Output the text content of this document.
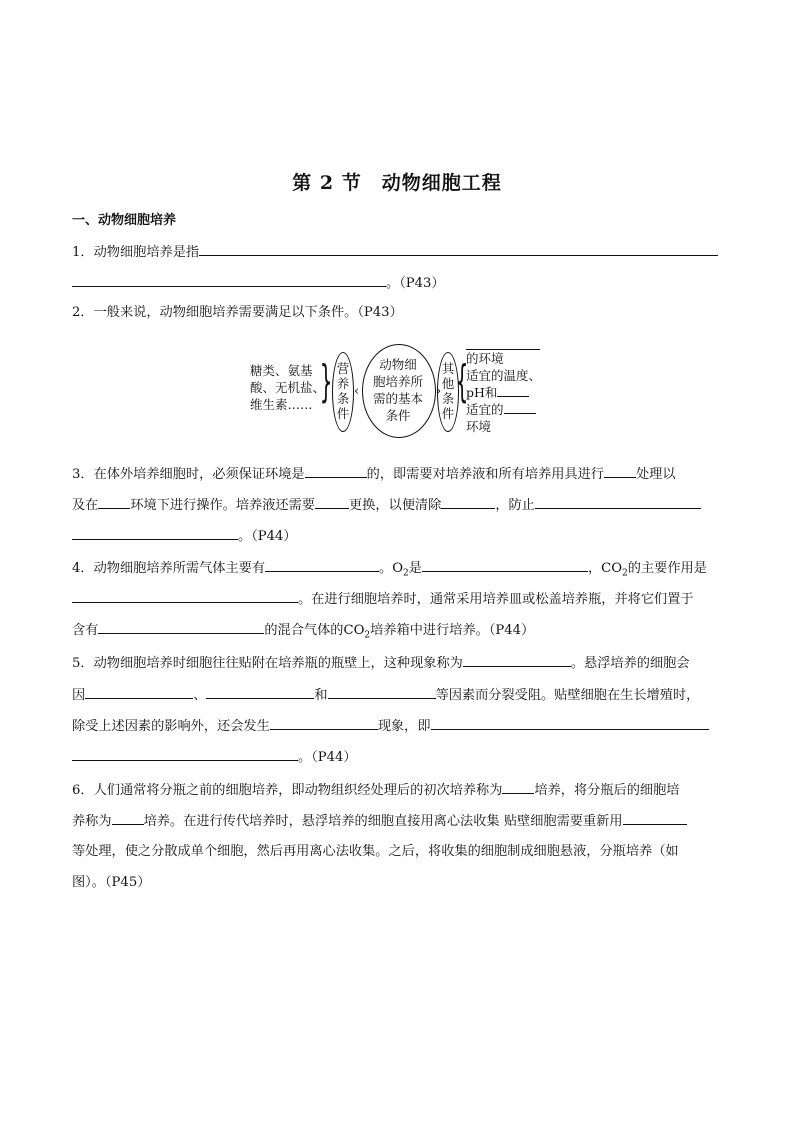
第 2 节　动物细胞工程
一、动物细胞培养
1．动物细胞培养是指
。（P43）
2．一般来说，动物细胞培养需要满足以下条件。（P43）
糖类、氨基
酸、无机盐、
维生素…… } 营
养
条
件
‹
动物细
胞培养所
需的基本
条件
›
其
他
条
件
{
的环境
适宜的温度、
pH和
适宜的
环境
3．在体外培养细胞时，必须保证环境是	的，即需要对培养液和所有培养用具进行 处理以
及在 环境下进行操作。培养液还需要	更换，以便清除	，防止
。（P44）
4．动物细胞培养所需气体主要有	。$O_2$是	，$CO_2$的主要作用是
。在进行细胞培养时，通常采用培养皿或松盖培养瓶，并将它们置于
含有	的混合气体的$CO_2$培养箱中进行培养。（P44）
5．动物细胞培养时细胞往往贴附在培养瓶的瓶壁上，这种现象称为	。悬浮培养的细胞会
因	、	和	等因素而分裂受阻。贴壁细胞在生长增殖时，
除受上述因素的影响外，还会发生	现象，即
。（P44）
6．人们通常将分瓶之前的细胞培养，即动物组织经处理后的初次培养称为 培养，将分瓶后的细胞培
养称为 培养。在进行传代培养时，悬浮培养的细胞直接用离心法收集 贴壁细胞需要重新用
等处理，使之分散成单个细胞，然后再用离心法收集。之后，将收集的细胞制成细胞悬液，分瓶培养（如
图）。（P45）
